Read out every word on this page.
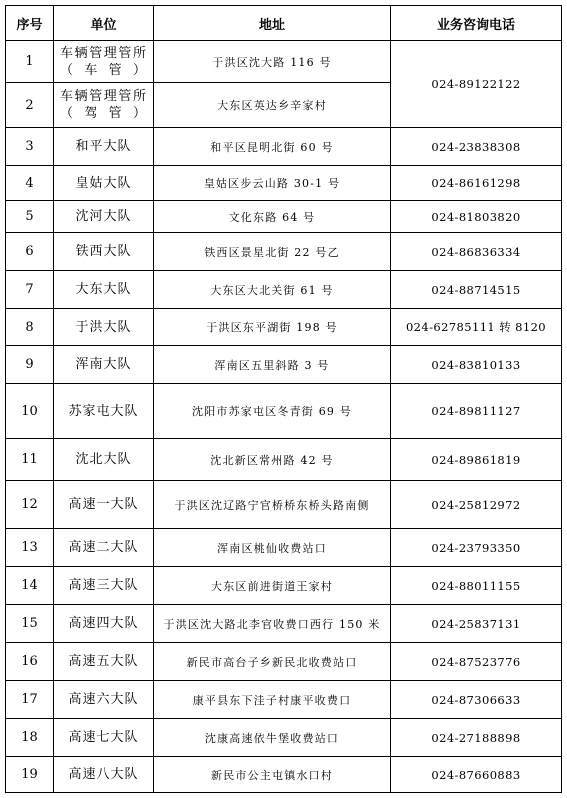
序号	单位	地址	业务咨询电话
1	车辆管理管所（车管）	于洪区沈大路 116 号	024-89122122
2	车辆管理管所（驾管）	大东区英达乡辛家村	
3	和平大队	和平区昆明北街 60 号	024-23838308
4	皇姑大队	皇姑区步云山路 30-1 号	024-86161298
5	沈河大队	文化东路 64 号	024-81803820
6	铁西大队	铁西区景星北街 22 号乙	024-86836334
7	大东大队	大东区大北关街 61 号	024-88714515
8	于洪大队	于洪区东平湖街 198 号	024-62785111 转 8120
9	浑南大队	浑南区五里斜路 3 号	024-83810133
10	苏家屯大队	沈阳市苏家屯区冬青街 69 号	024-89811127
11	沈北大队	沈北新区常州路 42 号	024-89861819
12	高速一大队	于洪区沈辽路宁官桥桥东桥头路南侧	024-25812972
13	高速二大队	浑南区桃仙收费站口	024-23793350
14	高速三大队	大东区前进街道王家村	024-88011155
15	高速四大队	于洪区沈大路北李官收费口西行 150 米	024-25837131
16	高速五大队	新民市高台子乡新民北收费站口	024-87523776
17	高速六大队	康平县东下洼子村康平收费口	024-87306633
18	高速七大队	沈康高速依牛堡收费站口	024-27188898
19	高速八大队	新民市公主屯镇水口村	024-87660883
